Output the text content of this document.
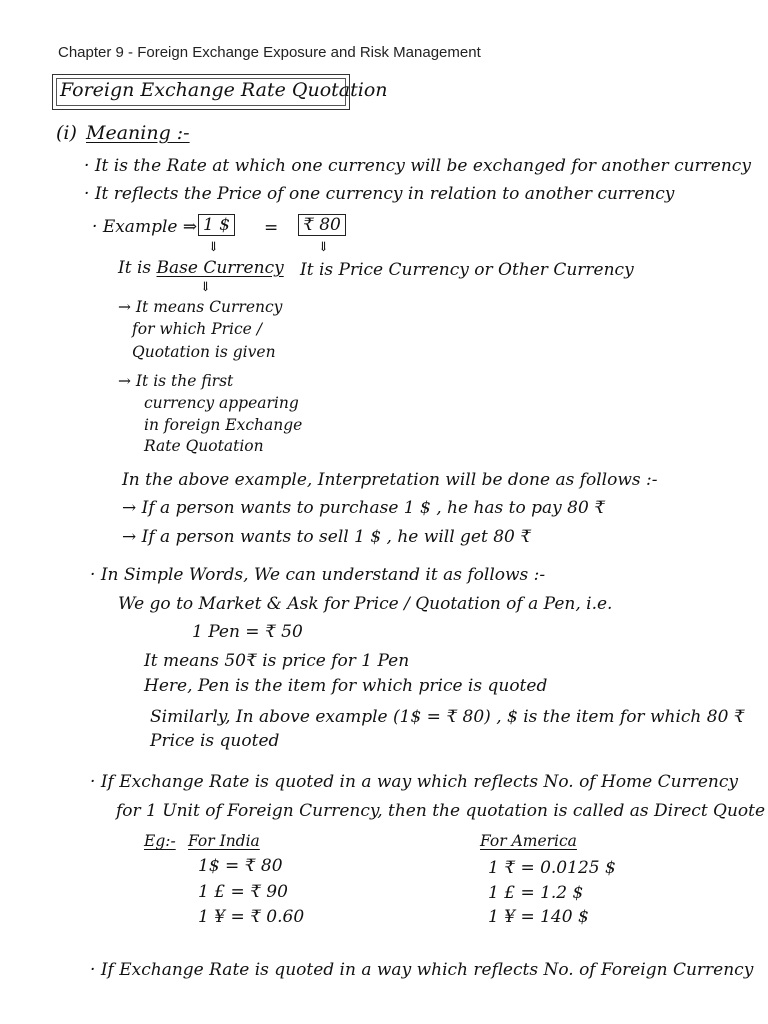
Chapter 9 - Foreign Exchange Exposure and Risk Management
Foreign Exchange Rate Quotation
(i) Meaning :-
· It is the Rate at which one currency will be exchanged for another currency
· It reflects the Price of one currency in relation to another currency
· Example ⇒ 1 $ = ₹ 80
⇓	⇓
It is Base Currency It is Price Currency or Other Currency
⇓
→ It means Currency
for which Price /
Quotation is given
→ It is the first
currency appearing
in foreign Exchange
Rate Quotation
In the above example, Interpretation will be done as follows :-
→ If a person wants to purchase 1 $ , he has to pay 80 ₹
→ If a person wants to sell 1 $ , he will get 80 ₹
· In Simple Words, We can understand it as follows :-
We go to Market & Ask for Price / Quotation of a Pen, i.e.
1 Pen = ₹ 50
It means 50₹ is price for 1 Pen
Here, Pen is the item for which price is quoted
Similarly, In above example (1$ = ₹ 80) , $ is the item for which 80 ₹
Price is quoted
· If Exchange Rate is quoted in a way which reflects No. of Home Currency
for 1 Unit of Foreign Currency, then the quotation is called as Direct Quote
Eg:- For India	For America
1$ = ₹ 80
1 £ = ₹ 90
1 ¥ = ₹ 0.60
1 ₹ = 0.0125 $
1 £ = 1.2 $
1 ¥ = 140 $
· If Exchange Rate is quoted in a way which reflects No. of Foreign Currency
